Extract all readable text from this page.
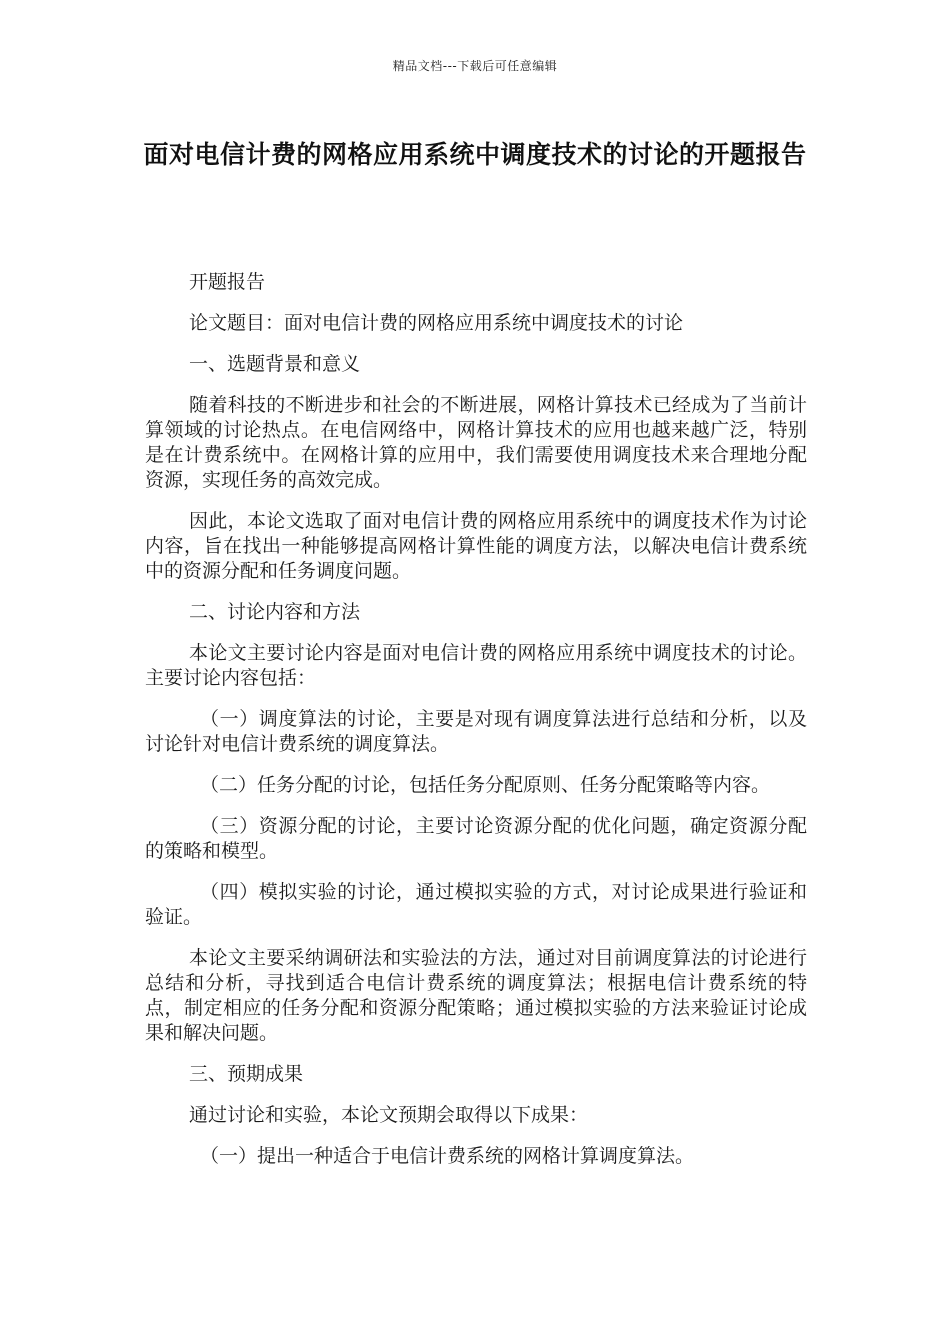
精品文档---下载后可任意编辑
面对电信计费的网格应用系统中调度技术的讨论的开题报告

开题报告

论文题目：面对电信计费的网格应用系统中调度技术的讨论

一、选题背景和意义

随着科技的不断进步和社会的不断进展，网格计算技术已经成为了当前计算领域的讨论热点。在电信网络中，网格计算技术的应用也越来越广泛，特别是在计费系统中。在网格计算的应用中，我们需要使用调度技术来合理地分配资源，实现任务的高效完成。

因此，本论文选取了面对电信计费的网格应用系统中的调度技术作为讨论内容，旨在找出一种能够提高网格计算性能的调度方法，以解决电信计费系统中的资源分配和任务调度问题。

二、讨论内容和方法

本论文主要讨论内容是面对电信计费的网格应用系统中调度技术的讨论。主要讨论内容包括：

（一）调度算法的讨论，主要是对现有调度算法进行总结和分析，以及讨论针对电信计费系统的调度算法。

（二）任务分配的讨论，包括任务分配原则、任务分配策略等内容。

（三）资源分配的讨论，主要讨论资源分配的优化问题，确定资源分配的策略和模型。

（四）模拟实验的讨论，通过模拟实验的方式，对讨论成果进行验证和验证。

本论文主要采纳调研法和实验法的方法，通过对目前调度算法的讨论进行总结和分析，寻找到适合电信计费系统的调度算法；根据电信计费系统的特点，制定相应的任务分配和资源分配策略；通过模拟实验的方法来验证讨论成果和解决问题。

三、预期成果

通过讨论和实验，本论文预期会取得以下成果：

（一）提出一种适合于电信计费系统的网格计算调度算法。
